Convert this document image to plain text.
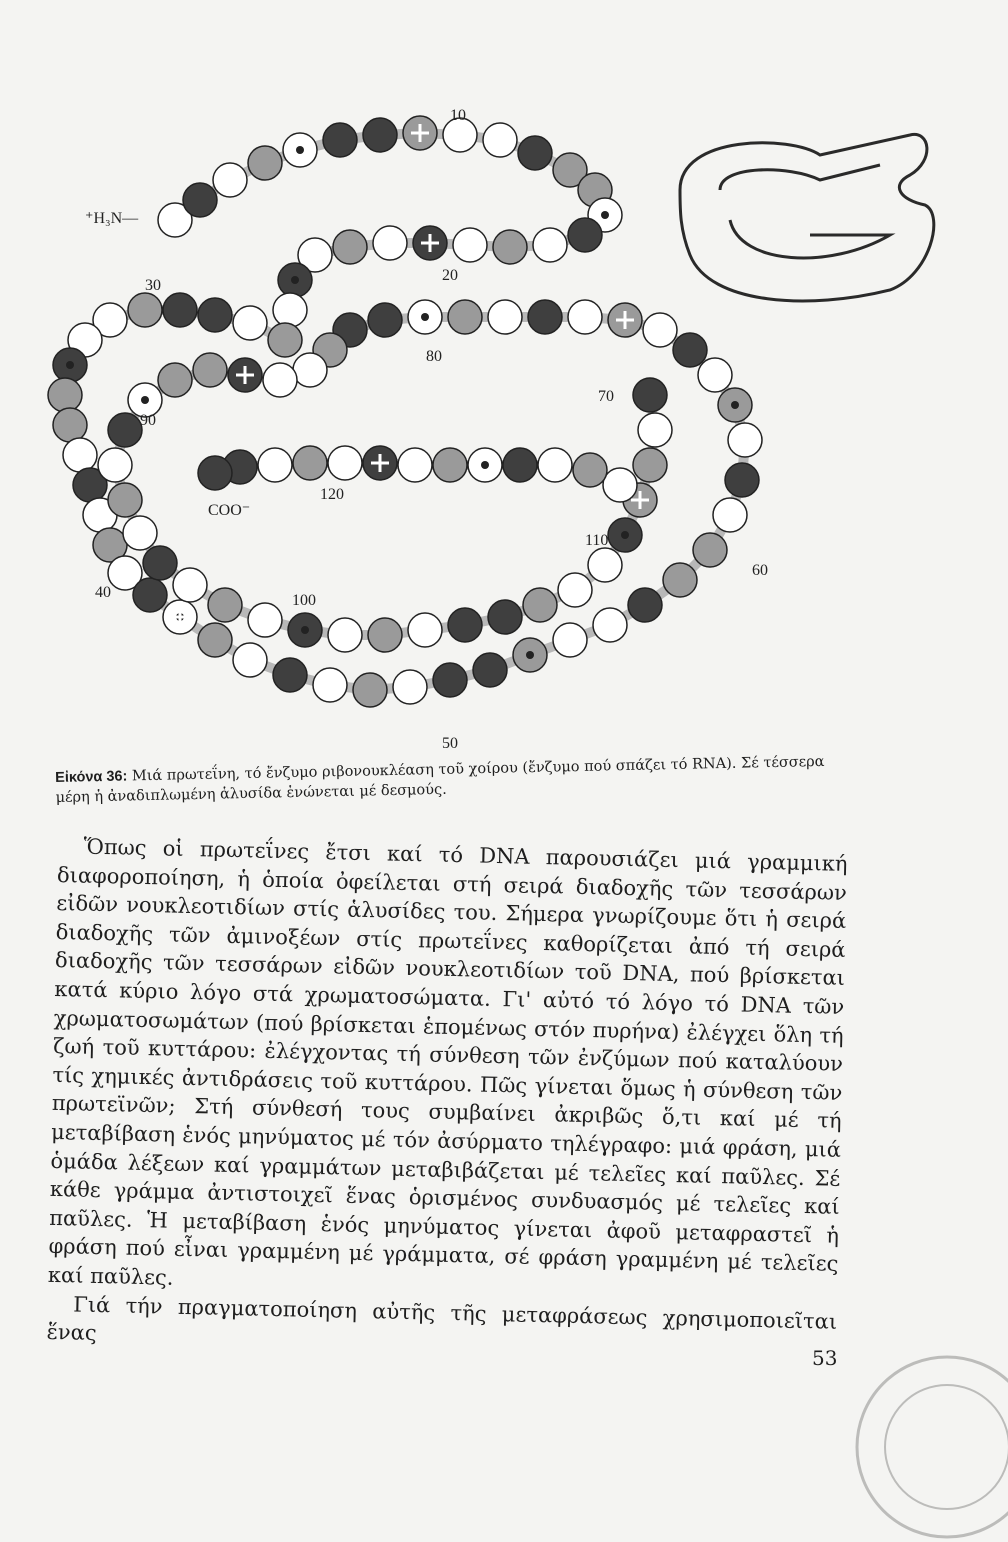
10
20
30
40
50
60
70
80
90
100
110
120
⁺H₃N—
COO⁻
Εἰκόνα 36: Μιά πρωτεΐνη, τό ἔνζυμο ριβονουκλέαση τοῦ χοίρου (ἔνζυμο πού σπάζει τό RNA). Σέ τέσσερα μέρη ἡ ἀναδιπλωμένη ἁλυσίδα ἑνώνεται μέ δεσμούς.

Ὅπως οἱ πρωτεΐνες ἔτσι καί τό DNA παρουσιάζει μιά γραμμική διαφοροποίηση, ἡ ὁποία ὀφείλεται στή σειρά διαδοχῆς τῶν τεσσάρων εἰδῶν νουκλεοτιδίων στίς ἁλυσίδες του. Σήμερα γνωρίζουμε ὅτι ἡ σειρά διαδοχῆς τῶν ἀμινοξέων στίς πρωτεΐνες καθορίζεται ἀπό τή σειρά διαδοχῆς τῶν τεσσάρων εἰδῶν νουκλεοτιδίων τοῦ DNA, πού βρίσκεται κατά κύριο λόγο στά χρωματοσώματα. Γι' αὐτό τό λόγο τό DNA τῶν χρωματοσωμάτων (πού βρίσκεται ἑπομένως στόν πυρήνα) ἐλέγχει ὅλη τή ζωή τοῦ κυττάρου: ἐλέγχοντας τή σύνθεση τῶν ἐνζύμων πού καταλύουν τίς χημικές ἀντιδράσεις τοῦ κυττάρου. Πῶς γίνεται ὅμως ἡ σύνθεση τῶν πρωτεϊνῶν; Στή σύνθεσή τους συμβαίνει ἀκριβῶς ὅ,τι καί μέ τή μεταβίβαση ἑνός μηνύματος μέ τόν ἀσύρματο τηλέγραφο: μιά φράση, μιά ὁμάδα λέξεων καί γραμμάτων μεταβιβάζεται μέ τελεῖες καί παῦλες. Σέ κάθε γράμμα ἀντιστοιχεῖ ἕνας ὁρισμένος συνδυασμός μέ τελεῖες καί παῦλες. Ἡ μεταβίβαση ἑνός μηνύματος γίνεται ἀφοῦ μεταφραστεῖ ἡ φράση πού εἶναι γραμμένη μέ γράμματα, σέ φράση γραμμένη μέ τελεῖες καί παῦλες.

Γιά τήν πραγματοποίηση αὐτῆς τῆς μεταφράσεως χρησιμοποιεῖται ἕνας

53
